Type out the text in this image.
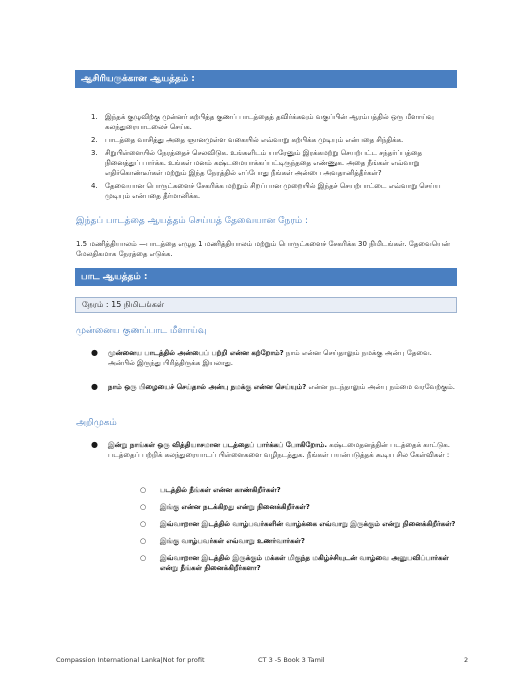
ஆசிரியருக்கான ஆயத்தம் :
1. இந்தக் குழுவிற்கு முன்னர் கற்பித்த குணப் பாடத்தைத் தவிர்க்கவும் வகுப்பின் ஆரம்பத்தில் ஒரு மீளாய்வு கலந்துரையாடலைச் செய்க.
2. பாடத்தை வாசித்து அதை ஞானமுள்ள வகையில் எவ்வாறு கற்பிக்க முடியும் என்பதை சிந்திக்க.
3. சிறுபிள்ளையில் நேரத்தைச் செலவிடுக. உங்களிடம் யாரேனும் இரக்கமற்று செயற்பட்ட சந்தர்ப்பத்தை நினைத்துப் பார்க்க. உங்கள் மனம் கஷ்டமையாக்கப்பட்டிருந்ததை எண்ணுக. அதை நீங்கள் எவ்வாறு எதிர்கொண்டீர்கள் மற்றும் இந்த நேரத்தில் எப்போது நீங்கள் அன்பை அவதானித்தீர்கள்?
4. தேவையான பொருட்களைச் சேகரிக்க மற்றும் சிறப்பான முறையில் இந்தச் செயற்பாட்டை எவ்வாறு செய்ய முடியும் என்பதை தீர்மானிக்க.
இந்தப் பாடத்தை ஆயத்தம் செய்யத் தேவையான நேரம் :
1.5 மணித்தியாலம் —பாடத்தை எழுத 1 மணித்தியாலம் மற்றும் பொருட்களைச் சேகரிக்க 30 நிமிடங்கள். தேவையென் மேலதிகமாக நேரத்தை எடுக்க.
பாட ஆயத்தம் :
நேரம் : 15 நிமிடங்கள்
முன்னைய குணப்பாட மீளாய்வு
● முன்னைய பாடத்தில் அன்பைப் பற்றி என்ன கற்றோம்? நாம் என்ன செய்தாலும் நமக்கு அன்பு தேவை. அன்பில் இருந்து பிரித்திருக்க இயலாது.
● நாம் ஒரு பிழையைச் செய்தால் அன்பு நமக்கு என்ன செய்யும்? என்ன நடந்தாலும் அன்பு நம்மை வரவேற்கும்.
அறிமுகம்
● இன்று நாங்கள் ஒரு வித்தியாசமான படத்தைப் பார்க்கப் போகிறோம். கஷ்டமைதனத்தின் படத்தைக் காட்டுக. படத்தைப் பற்றிக் கலந்துரையாடப் பிள்ளைகளை வழிநடத்துக. நீங்கள் பயன்படுத்தக் கூடிய சில கேள்விகள் :
○ படத்தில் நீங்கள் என்ன காண்கிறீர்கள்?
○ இங்கு என்ன நடக்கிறது என்று நினைக்கிறீர்கள்?
○ இவ்வாறான இடத்தில் வாழ்பவர்களின் வாழ்க்கை எவ்வாறு இருக்கும் என்று நினைக்கிறீர்கள்?
○ இங்கு வாழ்பவர்கள் எவ்வாறு உணர்வார்கள்?
○ இவ்வாறான இடத்தில் இருக்கும் மக்கள் மிகுந்த மகிழ்ச்சியுடன் வாழ்வை அனுபவிப்பார்கள் என்று நீங்கள் நினைக்கிறீர்களா?
Compassion International Lanka|Not for profit	CT 3 -5 Book 3 Tamil	2
